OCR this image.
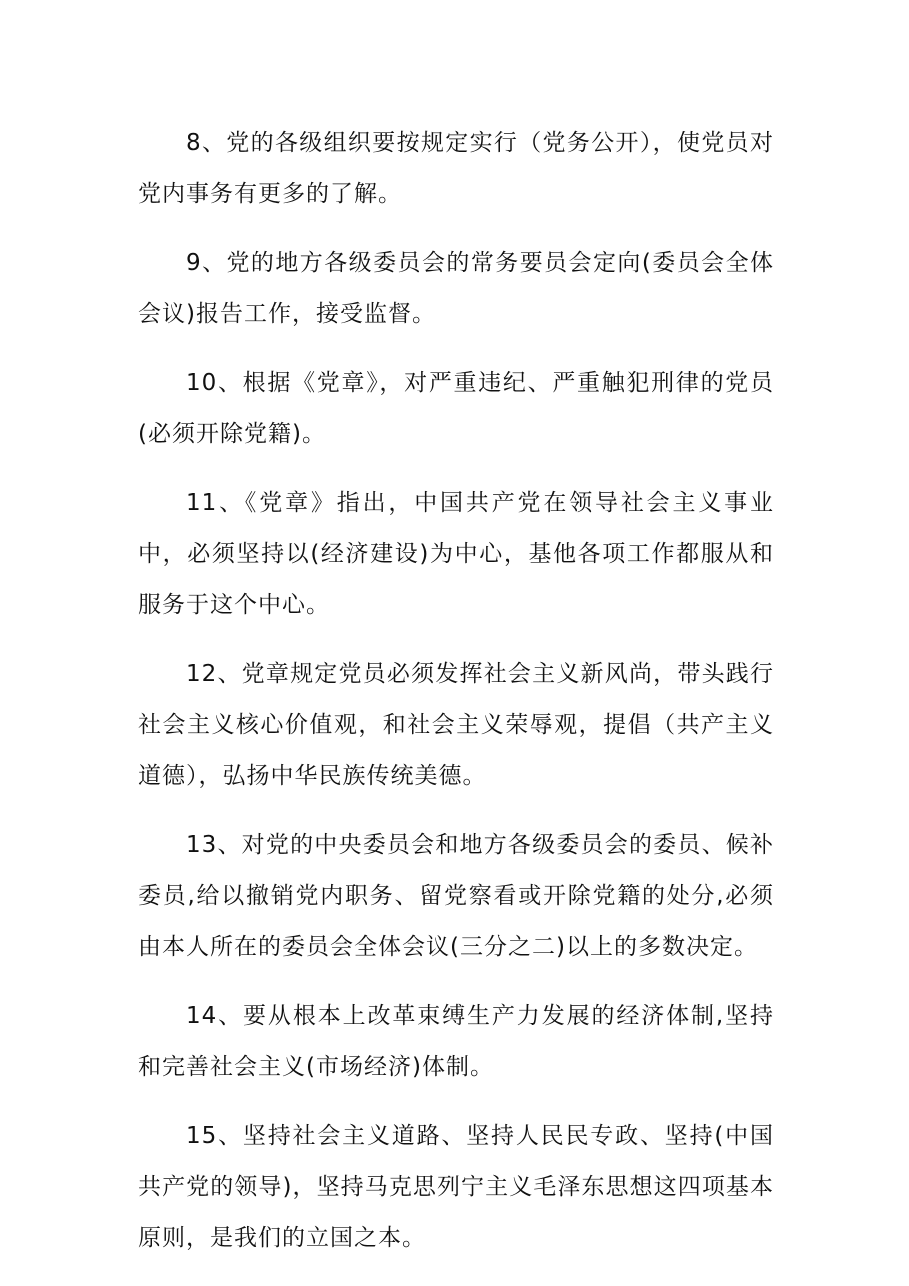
8、党的各级组织要按规定实行（党务公开），使党员对党内事务有更多的了解。

9、党的地方各级委员会的常务要员会定向(委员会全体会议)报告工作，接受监督。

10、根据《党章》，对严重违纪、严重触犯刑律的党员(必须开除党籍)。

11、《党章》指出，中国共产党在领导社会主义事业中，必须坚持以(经济建设)为中心，基他各项工作都服从和服务于这个中心。

12、党章规定党员必须发挥社会主义新风尚，带头践行社会主义核心价值观，和社会主义荣辱观，提倡（共产主义道德），弘扬中华民族传统美德。

13、对党的中央委员会和地方各级委员会的委员、候补委员,给以撤销党内职务、留党察看或开除党籍的处分,必须由本人所在的委员会全体会议(三分之二)以上的多数决定。

14、要从根本上改革束缚生产力发展的经济体制,坚持和完善社会主义(市场经济)体制。

15、坚持社会主义道路、坚持人民民专政、坚持(中国共产党的领导)，坚持马克思列宁主义毛泽东思想这四项基本原则，是我们的立国之本。
